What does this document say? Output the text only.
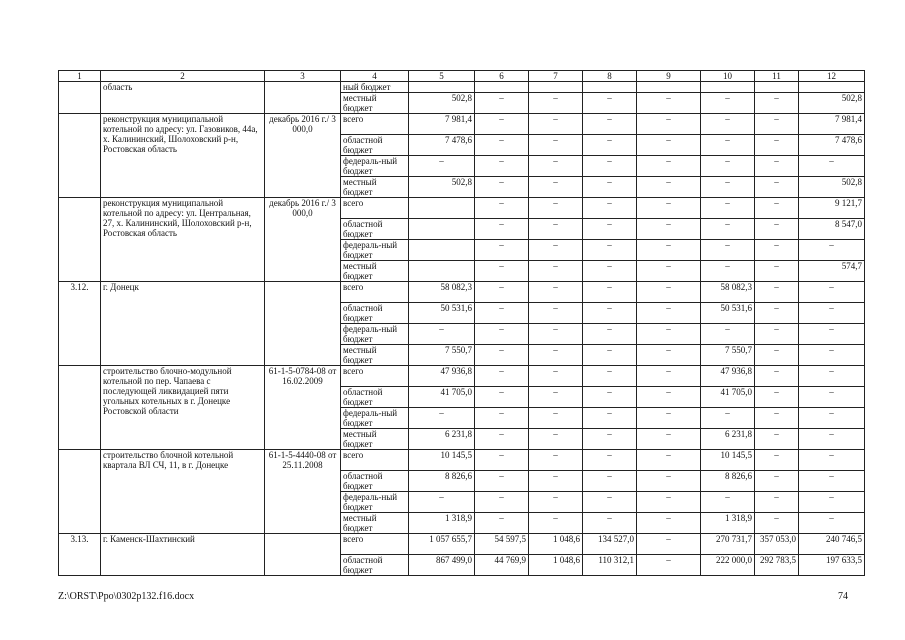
1	2	3	4	5	6	7	8	9	10	11	12
	область		ный бюджет								
			местный бюджет	502,8	–	–	–	–	–	–	502,8
	реконструкция муниципальной котельной по адресу: ул. Газовиков, 44а, х. Калининский, Шолоховский р-н, Ростовская область	декабрь 2016 г./ 3 000,0	всего	7 981,4	–	–	–	–	–	–	7 981,4
			областной бюджет	7 478,6	–	–	–	–	–	–	7 478,6
			федераль-ный бюджет	–	–	–	–	–	–	–	–
			местный бюджет	502,8	–	–	–	–	–	–	502,8
	реконструкция муниципальной котельной по адресу: ул. Центральная, 27, х. Калининский, Шолоховский р-н, Ростовская область	декабрь 2016 г./ 3 000,0	всего		–	–	–	–	–	–	9 121,7
			областной бюджет		–	–	–	–	–	–	8 547,0
			федераль-ный бюджет		–	–	–	–	–	–	–
			местный бюджет		–	–	–	–	–	–	574,7
3.12.	г. Донецк		всего	58 082,3	–	–	–	–	58 082,3	–	–
			областной бюджет	50 531,6	–	–	–	–	50 531,6	–	–
			федераль-ный бюджет	–	–	–	–	–	–	–	–
			местный бюджет	7 550,7	–	–	–	–	7 550,7	–	–
	строительство блочно-модульной котельной по пер. Чапаева с последующей ликвидацией пяти угольных котельных в г. Донецке Ростовской области	61-1-5-0784-08 от 16.02.2009	всего	47 936,8	–	–	–	–	47 936,8	–	–
			областной бюджет	41 705,0	–	–	–	–	41 705,0	–	–
			федераль-ный бюджет	–	–	–	–	–	–	–	–
			местный бюджет	6 231,8	–	–	–	–	6 231,8	–	–
	строительство блочной котельной квартала ВЛ СЧ, 11, в г. Донецке	61-1-5-4440-08 от 25.11.2008	всего	10 145,5	–	–	–	–	10 145,5	–	–
			областной бюджет	8 826,6	–	–	–	–	8 826,6	–	–
			федераль-ный бюджет	–	–	–	–	–	–	–	–
			местный бюджет	1 318,9	–	–	–	–	1 318,9	–	–
3.13.	г. Каменск-Шахтинский		всего	1 057 655,7	54 597,5	1 048,6	134 527,0	–	270 731,7	357 053,0	240 746,5
			областной бюджет	867 499,0	44 769,9	1 048,6	110 312,1	–	222 000,0	292 783,5	197 633,5
Z:\ORST\Ppo\0302p132.f16.docx	74
